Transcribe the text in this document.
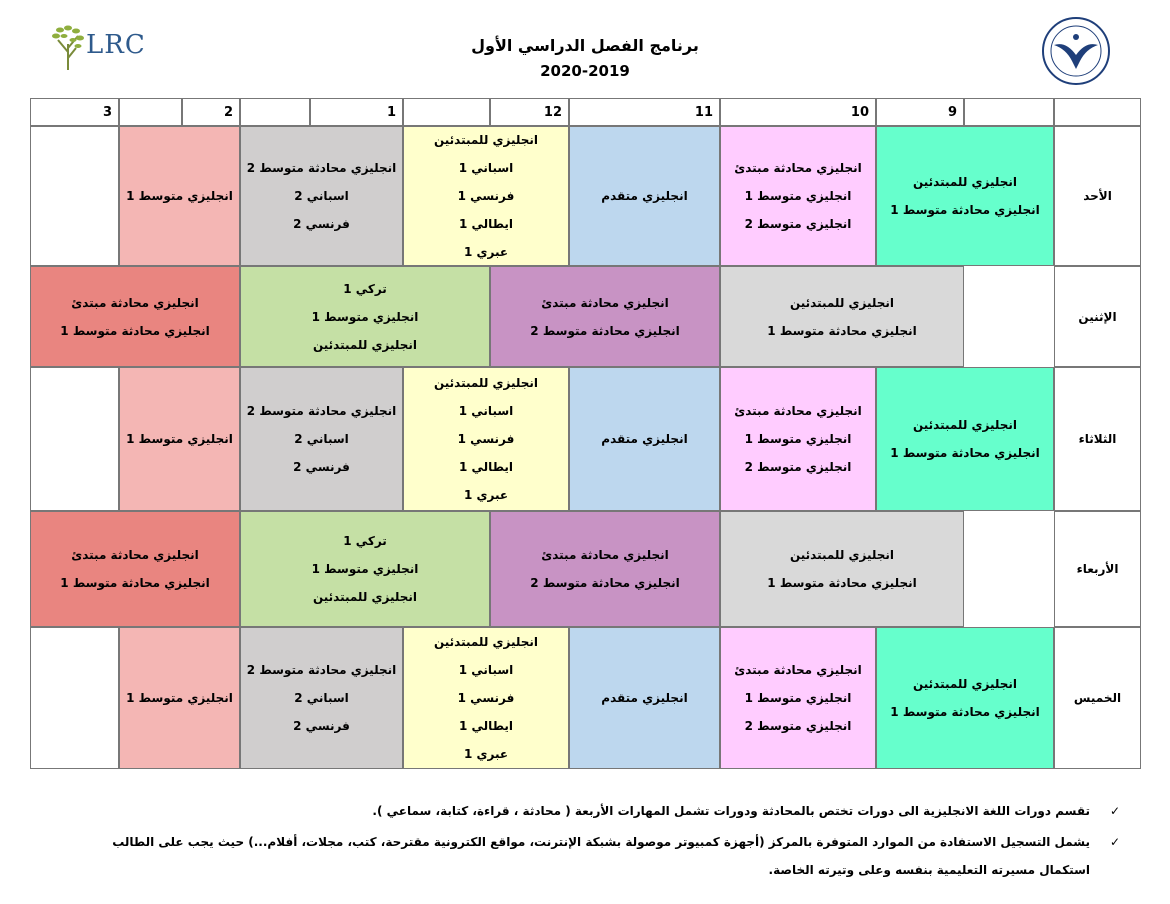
برنامج الفصل الدراسي الأول
2020-2019
LRC
9
10
11
12
1
2
3
الأحد
انجليزي للمبتدئين
انجليزي محادثة متوسط 1
انجليزي محادثة مبتدئ
انجليزي متوسط 1
انجليزي متوسط 2
انجليزي متقدم
انجليزي للمبتدئين
اسباني 1
فرنسي 1
ايطالي 1
عبري 1
انجليزي محادثة متوسط 2
اسباني 2
فرنسي 2
انجليزي متوسط 1
الإثنين
انجليزي للمبتدئين
انجليزي محادثة متوسط 1
انجليزي محادثة مبتدئ
انجليزي محادثة متوسط 2
تركي 1
انجليزي متوسط 1
انجليزي للمبتدئين
انجليزي محادثة مبتدئ
انجليزي محادثة متوسط 1
الثلاثاء
انجليزي للمبتدئين
انجليزي محادثة متوسط 1
انجليزي محادثة مبتدئ
انجليزي متوسط 1
انجليزي متوسط 2
انجليزي متقدم
انجليزي للمبتدئين
اسباني 1
فرنسي 1
ايطالي 1
عبري 1
انجليزي محادثة متوسط 2
اسباني 2
فرنسي 2
انجليزي متوسط 1
الأربعاء
انجليزي للمبتدئين
انجليزي محادثة متوسط 1
انجليزي محادثة مبتدئ
انجليزي محادثة متوسط 2
تركي 1
انجليزي متوسط 1
انجليزي للمبتدئين
انجليزي محادثة مبتدئ
انجليزي محادثة متوسط 1
الخميس
انجليزي للمبتدئين
انجليزي محادثة متوسط 1
انجليزي محادثة مبتدئ
انجليزي متوسط 1
انجليزي متوسط 2
انجليزي متقدم
انجليزي للمبتدئين
اسباني 1
فرنسي 1
ايطالي 1
عبري 1
انجليزي محادثة متوسط 2
اسباني 2
فرنسي 2
انجليزي متوسط 1
✓
تقسم دورات اللغة الانجليزية الى دورات تختص بالمحادثة ودورات تشمل المهارات الأربعة ( محادثة ، قراءة، كتابة، سماعي ).
✓
يشمل التسجيل الاستفادة من الموارد المتوفرة بالمركز (أجهزة كمبيوتر موصولة بشبكة الإنترنت، مواقع الكترونية مقترحة، كتب، مجلات، أفلام...) حيث يجب على الطالب استكمال مسيرته التعليمية بنفسه وعلى وتيرته الخاصة.
